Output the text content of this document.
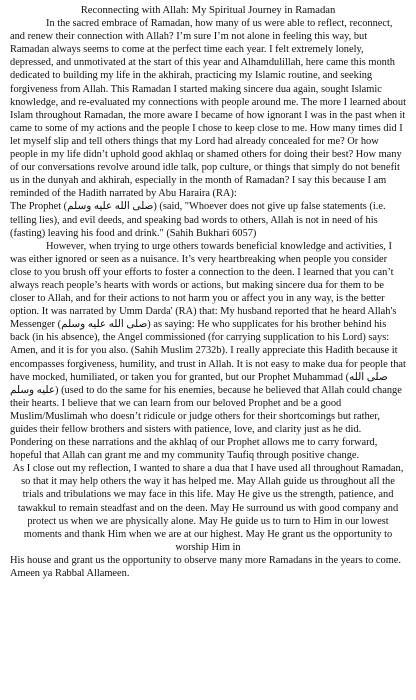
Reconnecting with Allah: My Spiritual Journey in Ramadan

In the sacred embrace of Ramadan, how many of us were able to reflect, reconnect, and renew their connection with Allah? I’m sure I’m not alone in feeling this way, but Ramadan always seems to come at the perfect time each year. I felt extremely lonely, depressed, and unmotivated at the start of this year and Alhamdulillah, here came this month dedicated to building my life in the akhirah, practicing my Islamic routine, and seeking forgiveness from Allah. This Ramadan I started making sincere dua again, sought Islamic knowledge, and re-evaluated my connections with people around me. The more I learned about Islam throughout Ramadan, the more aware I became of how ignorant I was in the past when it came to some of my actions and the people I chose to keep close to me. How many times did I let myself slip and tell others things that my Lord had already concealed for me? Or how people in my life didn’t uphold good akhlaq or shamed others for doing their best? How many of our conversations revolve around idle talk, pop culture, or things that simply do not benefit us in the dunyah and akhirah, especially in the month of Ramadan? I say this because I am reminded of the Hadith narrated by Abu Haraira (RA):

The Prophet (صلى الله عليه وسلم) (said, "Whoever does not give up false statements (i.e. telling lies), and evil deeds, and speaking bad words to others, Allah is not in need of his (fasting) leaving his food and drink." (Sahih Bukhari 6057)

However, when trying to urge others towards beneficial knowledge and activities, I was either ignored or seen as a nuisance. It’s very heartbreaking when people you consider close to you brush off your efforts to foster a connection to the deen. I learned that you can’t always reach people’s hearts with words or actions, but making sincere dua for them to be closer to Allah, and for their actions to not harm you or affect you in any way, is the better option. It was narrated by Umm Darda' (RA) that: My husband reported that he heard Allah's Messenger (صلى الله عليه وسلم) as saying: He who supplicates for his brother behind his back (in his absence), the Angel commissioned (for carrying supplication to his Lord) says: Amen, and it is for you also. (Sahih Muslim 2732b). I really appreciate this Hadith because it encompasses forgiveness, humility, and trust in Allah. It is not easy to make dua for people that have mocked, humiliated, or taken you for granted, but our Prophet Muhammad (صلى الله عليه وسلم) (used to do the same for his enemies, because he believed that Allah could change their hearts. I believe that we can learn from our beloved Prophet and be a good Muslim/Muslimah who doesn’t ridicule or judge others for their shortcomings but rather, guides their fellow brothers and sisters with patience, love, and clarity just as he did. Pondering on these narrations and the akhlaq of our Prophet allows me to carry forward, hopeful that Allah can grant me and my community Taufiq through positive change.

As I close out my reflection, I wanted to share a dua that I have used all throughout Ramadan, so that it may help others the way it has helped me. May Allah guide us throughout all the trials and tribulations we may face in this life. May He give us the strength, patience, and tawakkul to remain steadfast and on the deen. May He surround us with good company and protect us when we are physically alone. May He guide us to turn to Him in our lowest moments and thank Him when we are at our highest. May He grant us the opportunity to worship Him in

His house and grant us the opportunity to observe many more Ramadans in the years to come. Ameen ya Rabbal Allameen.
